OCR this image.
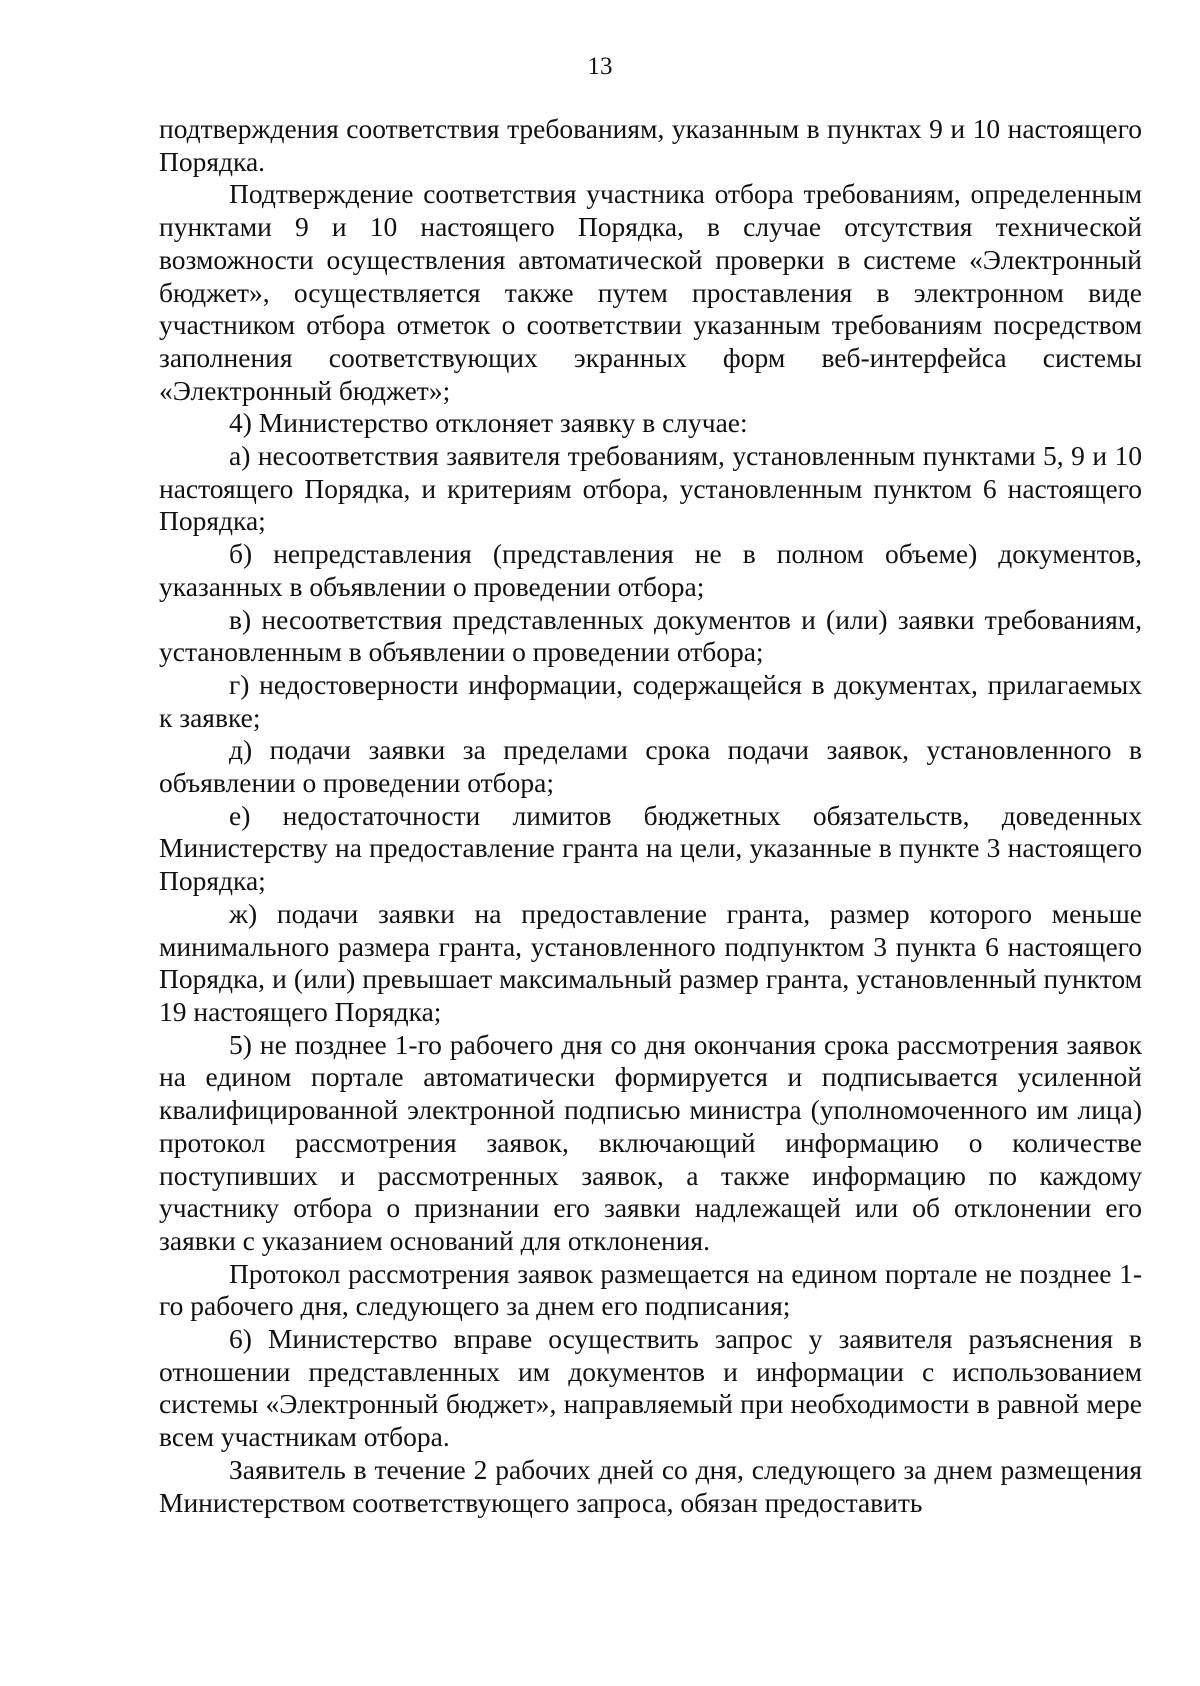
13

подтверждения соответствия требованиям, указанным в пунктах 9 и 10 настоящего Порядка.

Подтверждение соответствия участника отбора требованиям, определенным пунктами 9 и 10 настоящего Порядка, в случае отсутствия технической возможности осуществления автоматической проверки в системе «Электронный бюджет», осуществляется также путем проставления в электронном виде участником отбора отметок о соответствии указанным требованиям посредством заполнения соответствующих экранных форм веб-интерфейса системы «Электронный бюджет»;

4) Министерство отклоняет заявку в случае:

а) несоответствия заявителя требованиям, установленным пунктами 5, 9 и 10 настоящего Порядка, и критериям отбора, установленным пунктом 6 настоящего Порядка;

б) непредставления (представления не в полном объеме) документов, указанных в объявлении о проведении отбора;

в) несоответствия представленных документов и (или) заявки требованиям, установленным в объявлении о проведении отбора;

г) недостоверности информации, содержащейся в документах, прилагаемых к заявке;

д) подачи заявки за пределами срока подачи заявок, установленного в объявлении о проведении отбора;

е) недостаточности лимитов бюджетных обязательств, доведенных Министерству на предоставление гранта на цели, указанные в пункте 3 настоящего Порядка;

ж) подачи заявки на предоставление гранта, размер которого меньше минимального размера гранта, установленного подпунктом 3 пункта 6 настоящего Порядка, и (или) превышает максимальный размер гранта, установленный пунктом 19 настоящего Порядка;

5) не позднее 1-го рабочего дня со дня окончания срока рассмотрения заявок на едином портале автоматически формируется и подписывается усиленной квалифицированной электронной подписью министра (уполномоченного им лица) протокол рассмотрения заявок, включающий информацию о количестве поступивших и рассмотренных заявок, а также информацию по каждому участнику отбора о признании его заявки надлежащей или об отклонении его заявки с указанием оснований для отклонения.

Протокол рассмотрения заявок размещается на едином портале не позднее 1-го рабочего дня, следующего за днем его подписания;

6) Министерство вправе осуществить запрос у заявителя разъяснения в отношении представленных им документов и информации с использованием системы «Электронный бюджет», направляемый при необходимости в равной мере всем участникам отбора.

Заявитель в течение 2 рабочих дней со дня, следующего за днем размещения Министерством соответствующего запроса, обязан предоставить
